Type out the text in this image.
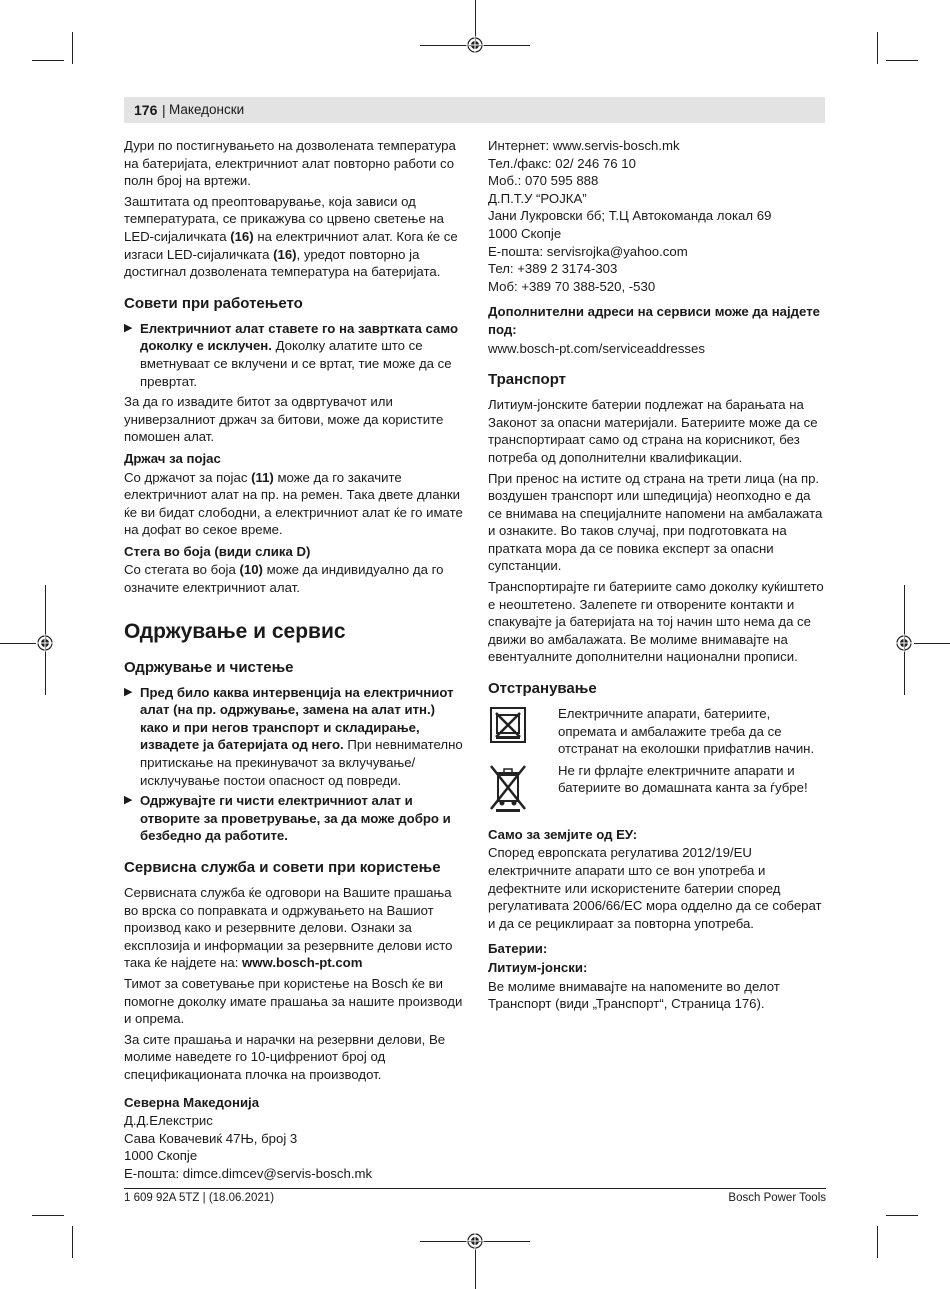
176 | Македонски

Дури по постигнувањето на дозволената температура на батеријата, електричниот алат повторно работи со полн број на вртежи.

Заштитата од преоптоварување, која зависи од температурата, се прикажува со црвено светење на LED-сијаличката (16) на електричниот алат. Кога ќе се изгаси LED-сијаличката (16), уредот повторно ја достигнал дозволената температура на батеријата.

Совети при работењето
▶ Електричниот алат ставете го на завртката само доколку е исклучен. Доколку алатите што се вметнуваат се вклучени и се вртат, тие може да се превртат.

За да го извадите битот за одвртувачот или универзалниот држач за битови, може да користите помошен алат.

Држач за појас

Со држачот за појас (11) може да го закачите електричниот алат на пр. на ремен. Така двете дланки ќе ви бидат слободни, а електричниот алат ќе го имате на дофат во секое време.

Стега во боја (види слика D)

Со стегата во боја (10) може да индивидуално да го означите електричниот алат.

Одржување и сервис
Одржување и чистење
▶ Пред било каква интервенција на електричниот алат (на пр. одржување, замена на алат итн.) како и при негов транспорт и складирање, извадете ја батеријата од него. При невнимателно притискање на прекинувачот за вклучување/исклучување постои опасност од повреди.
▶ Одржувајте ги чисти електричниот алат и отворите за проветрување, за да може добро и безбедно да работите.
Сервисна служба и совети при користење

Сервисната служба ќе одговори на Вашите прашања во врска со поправката и одржувањето на Вашиот производ како и резервните делови. Ознаки за експлозија и информации за резервните делови исто така ќе најдете на: www.bosch-pt.com

Тимот за советување при користење на Bosch ќе ви помогне доколку имате прашања за нашите производи и опрема.

За сите прашања и нарачки на резервни делови, Ве молиме наведете го 10-цифрениот број од спецификационата плочка на производот.

Северна Македонија
Д.Д.Елекстрис
Сава Ковачевиќ 47Њ, број 3
1000 Скопје
E-пошта: dimce.dimcev@servis-bosch.mk
Интернет: www.servis-bosch.mk
Тел./факс: 02/ 246 76 10
Моб.: 070 595 888
Д.П.Т.У “РОЈКА”
Јани Лукровски бб; Т.Ц Автокоманда локал 69
1000 Скопје
E-пошта: servisrojka@yahoo.com
Тел: +389 2 3174-303
Моб: +389 70 388-520, -530
Дополнителни адреси на сервиси може да најдете под:
www.bosch-pt.com/serviceaddresses
Транспорт

Литиум-јонските батерии подлежат на барањата на Законот за опасни материјали. Батериите може да се транспортираат само од страна на корисникот, без потреба од дополнителни квалификации.

При пренос на истите од страна на трети лица (на пр. воздушен транспорт или шпедиција) неопходно е да се внимава на специјалните напомени на амбалажата и ознаките. Во таков случај, при подготовката на пратката мора да се повика експерт за опасни супстанции.

Транспортирајте ги батериите само доколку куќиштето е неоштетено. Залепете ги отворените контакти и спакувајте ја батеријата на тој начин што нема да се движи во амбалажата. Ве молиме внимавајте на евентуалните дополнителни национални прописи.

Отстранување
Електричните апарати, батериите, опремата и амбалажите треба да се отстранат на еколошки прифатлив начин.
Не ги фрлајте електричните апарати и батериите во домашната канта за ѓубре!
Само за земјите од ЕУ:

Според европската регулатива 2012/19/EU електричните апарати што се вон употреба и дефектните или искористените батерии според регулативата 2006/66/ЕС мора одделно да се соберат и да се рециклираат за повторна употреба.

Батерии:
Литиум-јонски:

Ве молиме внимавајте на напомените во делот Транспорт (види „Транспорт“, Страница 176).

1 609 92A 5TZ | (18.06.2021)	Bosch Power Tools
